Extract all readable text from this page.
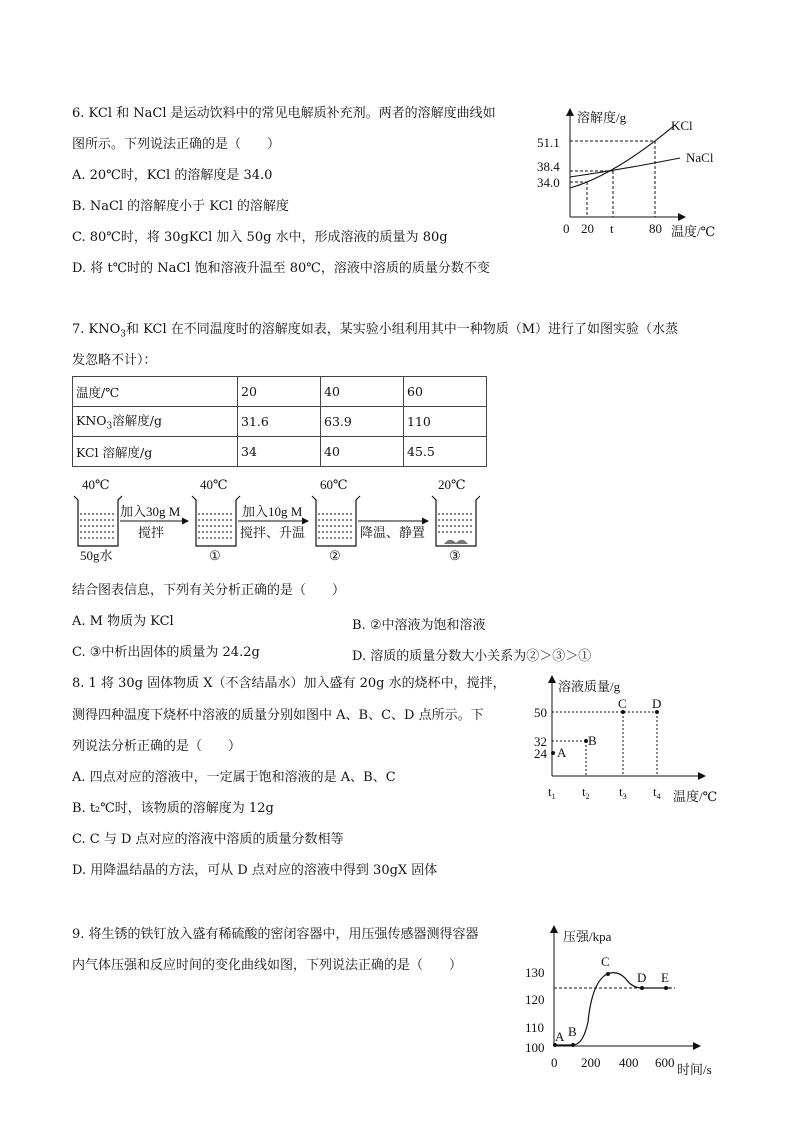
6. KCl 和 NaCl 是运动饮料中的常见电解质补充剂。两者的溶解度曲线如
图所示。下列说法正确的是（　　）
A. 20℃时，KCl 的溶解度是 34.0
B. NaCl 的溶解度小于 KCl 的溶解度
C. 80℃时，将 30gKCl 加入 50g 水中，形成溶液的质量为 80g
D. 将 t℃时的 NaCl 饱和溶液升温至 80℃，溶液中溶质的质量分数不变
溶解度/g
温度/℃
51.1
38.4
34.0
0 20 t	80
KCl
NaCl
7. $KNO_3$和 KCl 在不同温度时的溶解度如表，某实验小组利用其中一种物质（M）进行了如图实验（水蒸
发忽略不计）：
温度/℃	20	40	60
$KNO_3$溶解度/g	31.6	63.9	110
KCl 溶解度/g	34	40	45.5
40℃	40℃	60℃	20℃
加入30g M
搅拌
加入10g M
搅拌、升温	降温、静置
50g水	①	②	③
结合图表信息，下列有关分析正确的是（　　）
A. M 物质为 KCl	B. ②中溶液为饱和溶液
C. ③中析出固体的质量为 24.2g	D. 溶质的质量分数大小关系为②＞③＞①
8. 1 将 30g 固体物质 X（不含结晶水）加入盛有 20g 水的烧杯中，搅拌，
测得四种温度下烧杯中溶液的质量分别如图中 A、B、C、D 点所示。下
列说法分析正确的是（　　）
A. 四点对应的溶液中，一定属于饱和溶液的是 A、B、C
B. t₂℃时，该物质的溶解度为 12g
C. C 与 D 点对应的溶液中溶质的质量分数相等
D. 用降温结晶的方法，可从 D 点对应的溶液中得到 30gX 固体
溶液质量/g
温度/℃
50
32
24 A
B
C D
$t_1$ $t_2$ $t_3$ $t_4$
9. 将生锈的铁钉放入盛有稀硫酸的密闭容器中，用压强传感器测得容器
内气体压强和反应时间的变化曲线如图，下列说法正确的是（　　）
压强/kpa
时间/s
130
120
110
100
0 200 400 600
A B
C
D E
